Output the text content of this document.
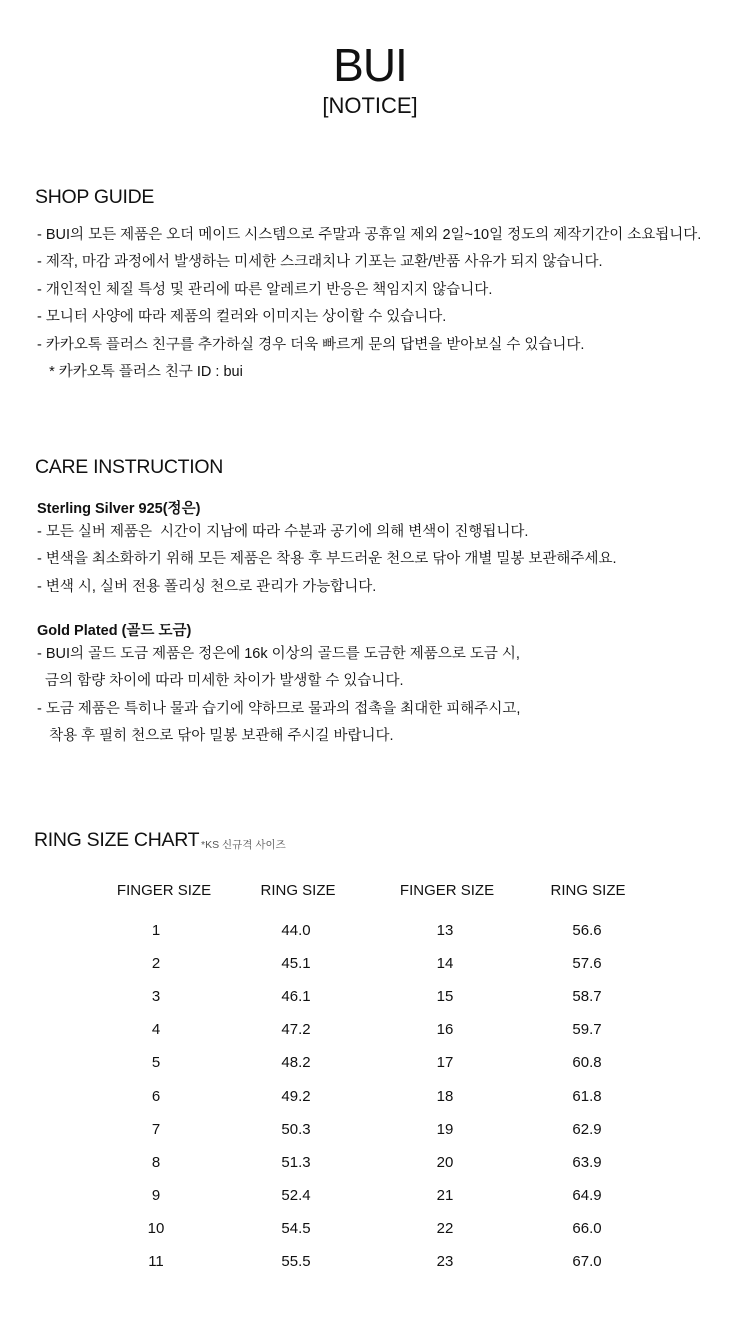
BUI
[NOTICE]
SHOP GUIDE
- BUI의 모든 제품은 오더 메이드 시스템으로 주말과 공휴일 제외 2일~10일 정도의 제작기간이 소요됩니다.
- 제작, 마감 과정에서 발생하는 미세한 스크래치나 기포는 교환/반품 사유가 되지 않습니다.
- 개인적인 체질 특성 및 관리에 따른 알레르기 반응은 책임지지 않습니다.
- 모니터 사양에 따라 제품의 컬러와 이미지는 상이할 수 있습니다.
- 카카오톡 플러스 친구를 추가하실 경우 더욱 빠르게 문의 답변을 받아보실 수 있습니다.
* 카카오톡 플러스 친구 ID : bui
CARE INSTRUCTION
Sterling Silver 925(정은)
- 모든 실버 제품은  시간이 지남에 따라 수분과 공기에 의해 변색이 진행됩니다.
- 변색을 최소화하기 위해 모든 제품은 착용 후 부드러운 천으로 닦아 개별 밀봉 보관해주세요.
- 변색 시, 실버 전용 폴리싱 천으로 관리가 가능합니다.
Gold Plated (골드 도금)
- BUI의 골드 도금 제품은 정은에 16k 이상의 골드를 도금한 제품으로 도금 시,
금의 함량 차이에 따라 미세한 차이가 발생할 수 있습니다.
- 도금 제품은 특히나 물과 습기에 약하므로 물과의 접촉을 최대한 피해주시고,
착용 후 필히 천으로 닦아 밀봉 보관해 주시길 바랍니다.
RING SIZE CHART *KS 신규격 사이즈
FINGER SIZE	RING SIZE	FINGER SIZE	RING SIZE
1	44.0	13	56.6
2	45.1	14	57.6
3	46.1	15	58.7
4	47.2	16	59.7
5	48.2	17	60.8
6	49.2	18	61.8
7	50.3	19	62.9
8	51.3	20	63.9
9	52.4	21	64.9
10	54.5	22	66.0
11	55.5	23	67.0
